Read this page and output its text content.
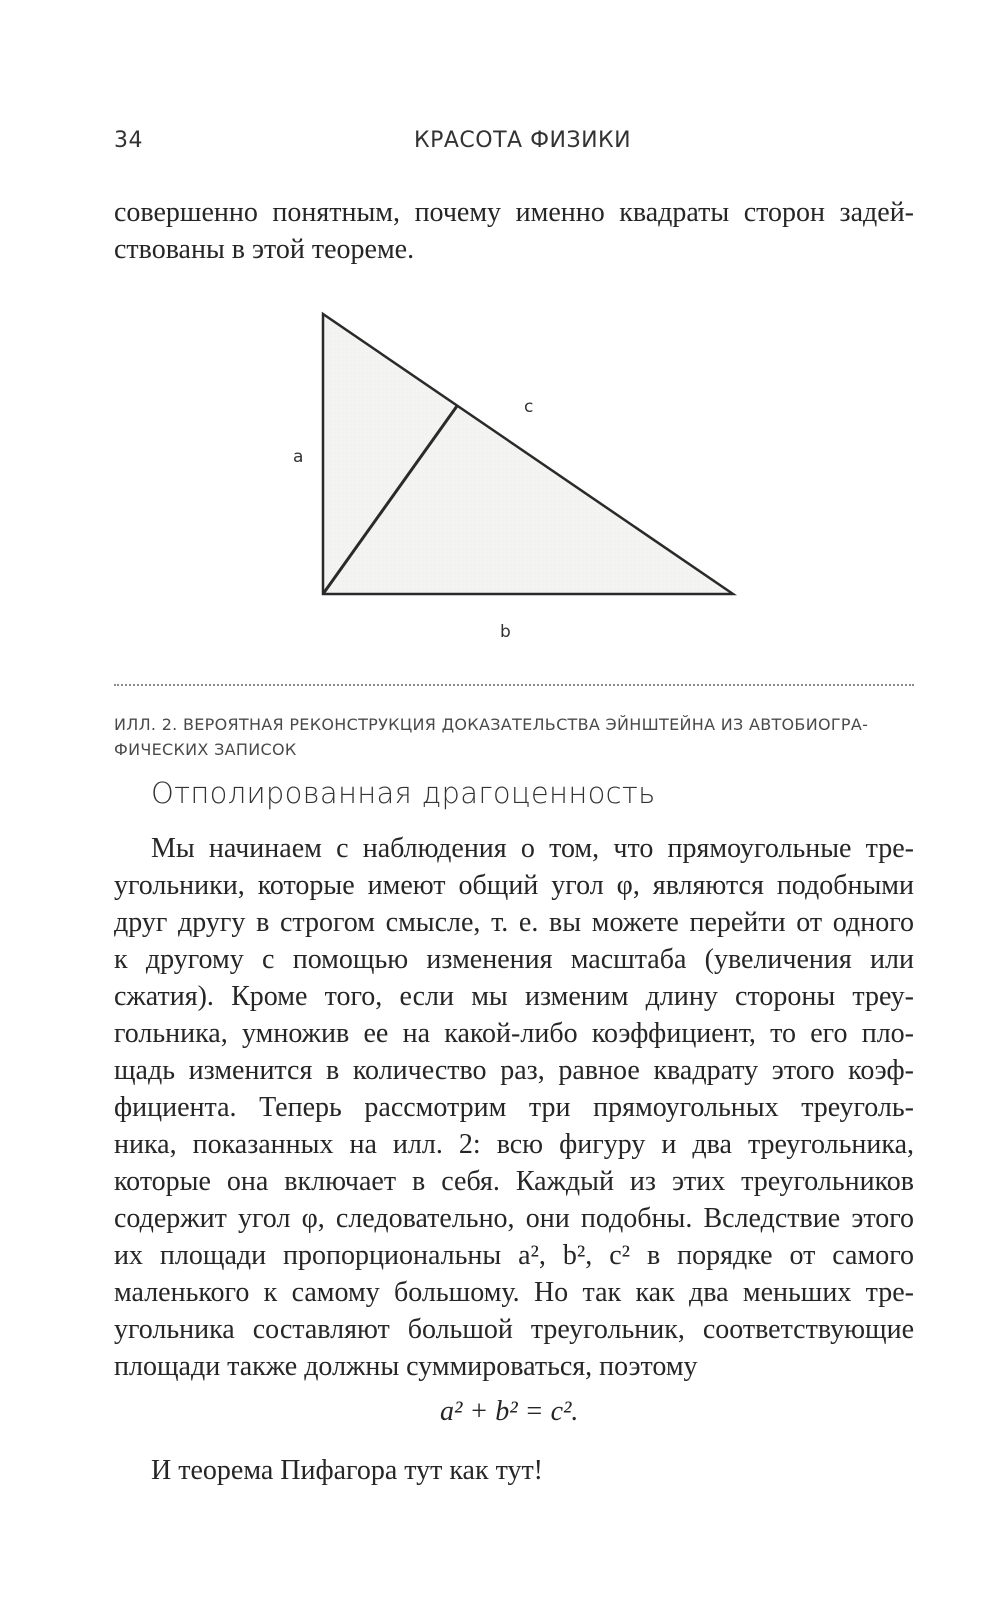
34	КРАСОТА ФИЗИКИ
совершенно понятным, почему именно квадраты сторон задей-
ствованы в этой теореме.
a
c
b
ИЛЛ. 2. ВЕРОЯТНАЯ РЕКОНСТРУКЦИЯ ДОКАЗАТЕЛЬСТВА ЭЙНШТЕЙНА ИЗ АВТОБИОГРА-
ФИЧЕСКИХ ЗАПИСОК
Отполированная драгоценность
Мы начинаем с наблюдения о том, что прямоугольные тре-
угольники, которые имеют общий угол φ, являются подобными
друг другу в строгом смысле, т. е. вы можете перейти от одного
к другому с помощью изменения масштаба (увеличения или
сжатия). Кроме того, если мы изменим длину стороны треу-
гольника, умножив ее на какой-либо коэффициент, то его пло-
щадь изменится в количество раз, равное квадрату этого коэф-
фициента. Теперь рассмотрим три прямоугольных треуголь-
ника, показанных на илл. 2: всю фигуру и два треугольника,
которые она включает в себя. Каждый из этих треугольников
содержит угол φ, следовательно, они подобны. Вследствие этого
их площади пропорциональны a², b², c² в порядке от самого
маленького к самому большому. Но так как два меньших тре-
угольника составляют большой треугольник, соответствующие
площади также должны суммироваться, поэтому
a² + b² = c².
И теорема Пифагора тут как тут!
